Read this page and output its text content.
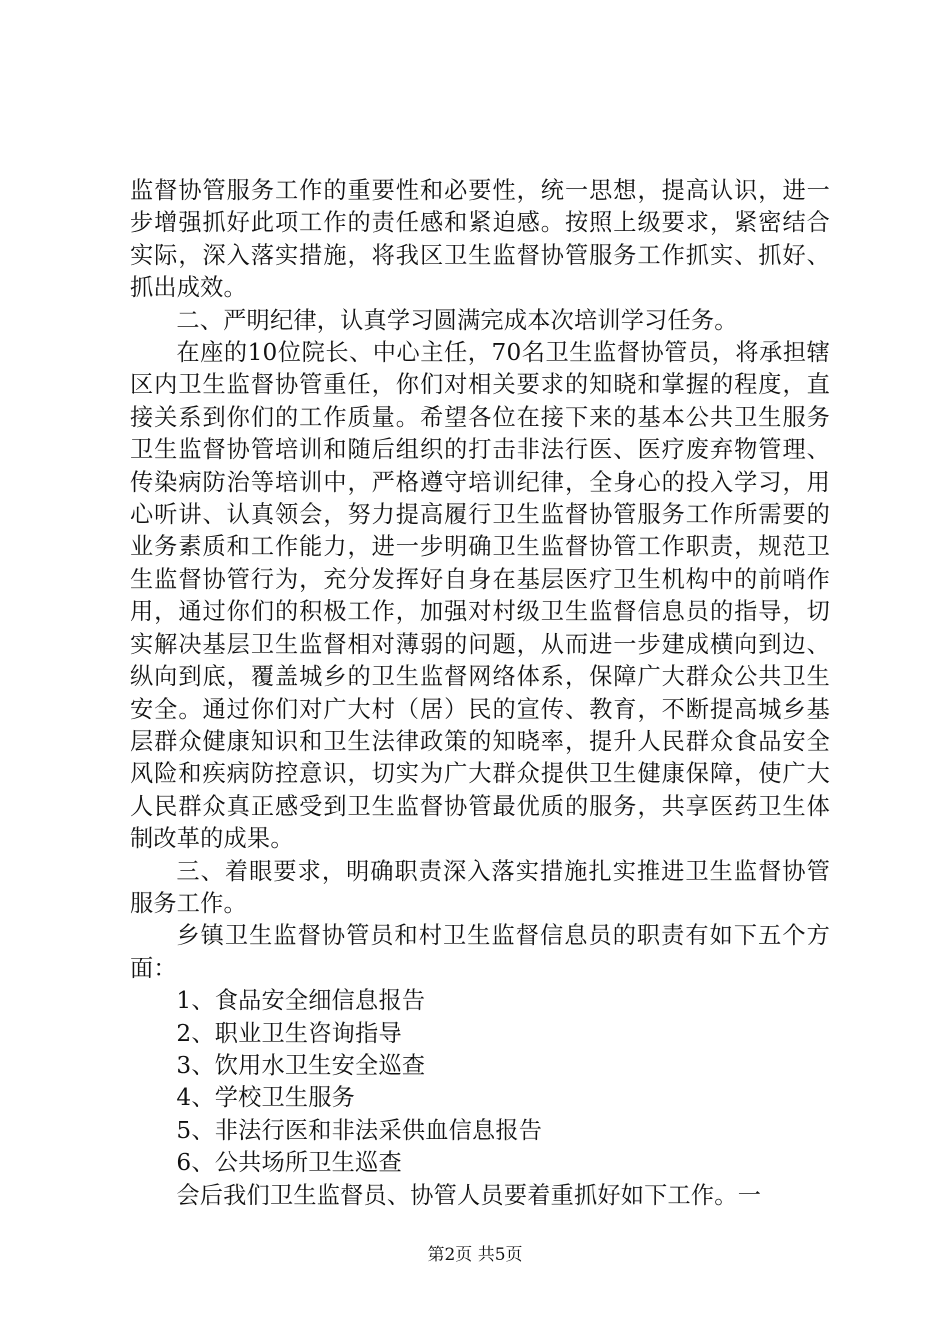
监督协管服务工作的重要性和必要性，统一思想，提高认识，进一步增强抓好此项工作的责任感和紧迫感。按照上级要求，紧密结合实际，深入落实措施，将我区卫生监督协管服务工作抓实、抓好、抓出成效。

二、严明纪律，认真学习圆满完成本次培训学习任务。

在座的10位院长、中心主任，70名卫生监督协管员，将承担辖区内卫生监督协管重任，你们对相关要求的知晓和掌握的程度，直接关系到你们的工作质量。希望各位在接下来的基本公共卫生服务卫生监督协管培训和随后组织的打击非法行医、医疗废弃物管理、传染病防治等培训中，严格遵守培训纪律，全身心的投入学习，用心听讲、认真领会，努力提高履行卫生监督协管服务工作所需要的业务素质和工作能力，进一步明确卫生监督协管工作职责，规范卫生监督协管行为，充分发挥好自身在基层医疗卫生机构中的前哨作用，通过你们的积极工作，加强对村级卫生监督信息员的指导，切实解决基层卫生监督相对薄弱的问题，从而进一步建成横向到边、纵向到底，覆盖城乡的卫生监督网络体系，保障广大群众公共卫生安全。通过你们对广大村（居）民的宣传、教育，不断提高城乡基层群众健康知识和卫生法律政策的知晓率，提升人民群众食品安全风险和疾病防控意识，切实为广大群众提供卫生健康保障，使广大人民群众真正感受到卫生监督协管最优质的服务，共享医药卫生体制改革的成果。

三、着眼要求，明确职责深入落实措施扎实推进卫生监督协管服务工作。

乡镇卫生监督协管员和村卫生监督信息员的职责有如下五个方面：

1、食品安全细信息报告

2、职业卫生咨询指导

3、饮用水卫生安全巡查

4、学校卫生服务

5、非法行医和非法采供血信息报告

6、公共场所卫生巡查

会后我们卫生监督员、协管人员要着重抓好如下工作。一

第2页 共5页
